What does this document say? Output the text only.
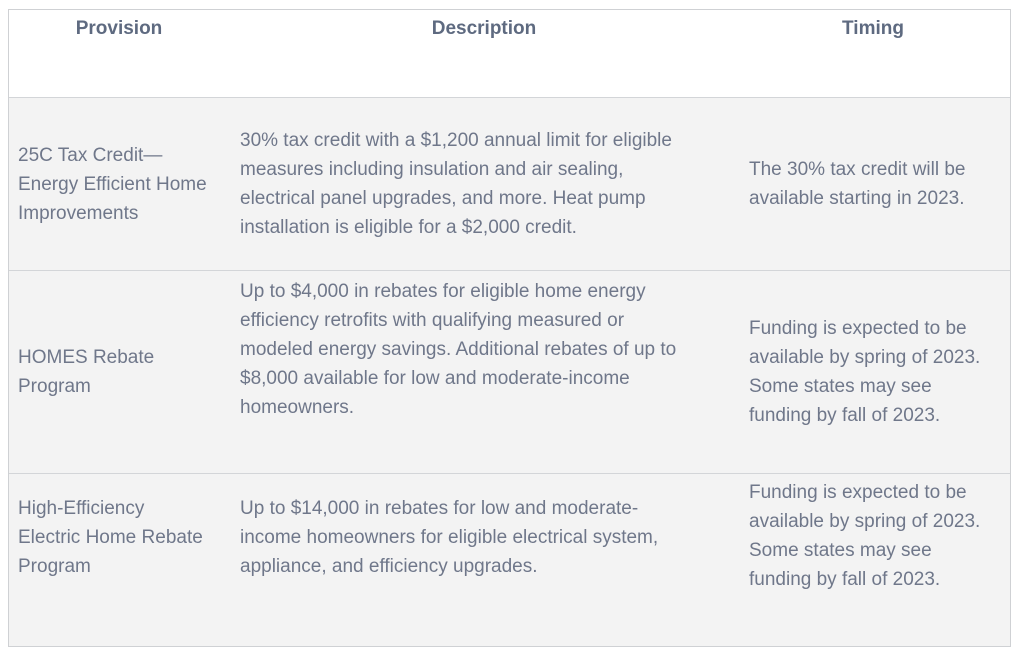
Provision	Description	Timing
25C Tax Credit—
Energy Efficient Home
Improvements
30% tax credit with a $1,200 annual limit for eligible
measures including insulation and air sealing,
electrical panel upgrades, and more. Heat pump
installation is eligible for a $2,000 credit.
The 30% tax credit will be
available starting in 2023.
HOMES Rebate
Program
Up to $4,000 in rebates for eligible home energy
efficiency retrofits with qualifying measured or
modeled energy savings. Additional rebates of up to
$8,000 available for low and moderate-income
homeowners.
Funding is expected to be
available by spring of 2023.
Some states may see
funding by fall of 2023.
High-Efficiency
Electric Home Rebate
Program
Up to $14,000 in rebates for low and moderate-
income homeowners for eligible electrical system,
appliance, and efficiency upgrades.
Funding is expected to be
available by spring of 2023.
Some states may see
funding by fall of 2023.
